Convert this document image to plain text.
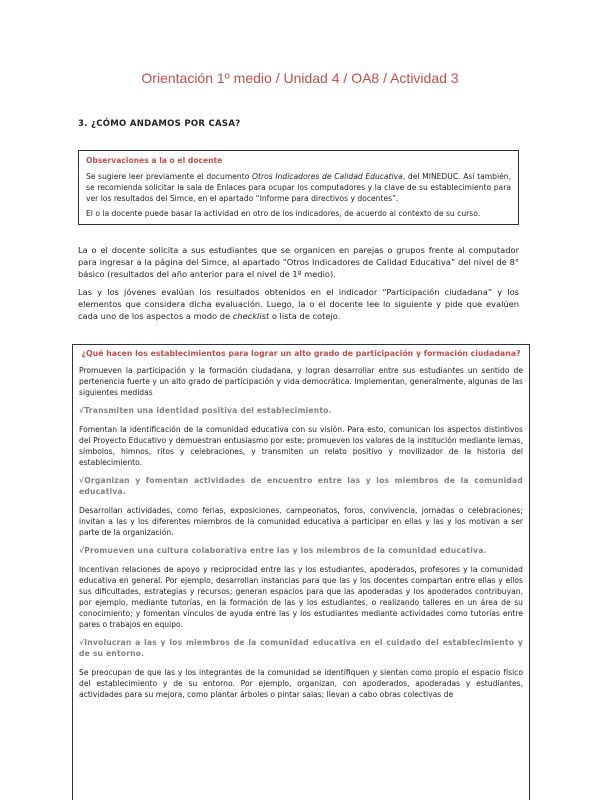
Orientación 1º medio / Unidad 4 / OA8 / Actividad 3
3. ¿CÓMO ANDAMOS POR CASA?
Observaciones a la o el docente

Se sugiere leer previamente el documento Otros Indicadores de Calidad Educativa, del MINEDUC. Así también, se recomienda solicitar la sala de Enlaces para ocupar los computadores y la clave de su establecimiento para ver los resultados del Simce, en el apartado “Informe para directivos y docentes”.

El o la docente puede basar la actividad en otro de los indicadores, de acuerdo al contexto de su curso.

La o el docente solicita a sus estudiantes que se organicen en parejas o grupos frente al computador para ingresar a la página del Simce, al apartado “Otros Indicadores de Calidad Educativa” del nivel de 8° básico (resultados del año anterior para el nivel de 1º medio).

Las y los jóvenes evalúan los resultados obtenidos en el indicador “Participación ciudadana” y los elementos que considera dicha evaluación. Luego, la o el docente lee lo siguiente y pide que evalúen cada uno de los aspectos a modo de checklist o lista de cotejo.

¿Qué hacen los establecimientos para lograr un alto grado de participación y formación ciudadana?

Promueven la participación y la formación ciudadana, y logran desarrollar entre sus estudiantes un sentido de pertenencia fuerte y un alto grado de participación y vida democrática. Implementan, generalmente, algunas de las siguientes medidas

√Transmiten una identidad positiva del establecimiento.

Fomentan la identificación de la comunidad educativa con su visión. Para esto, comunican los aspectos distintivos del Proyecto Educativo y demuestran entusiasmo por este; promueven los valores de la institución mediante lemas, símbolos, himnos, ritos y celebraciones, y transmiten un relato positivo y movilizador de la historia del establecimiento.

√Organizan y fomentan actividades de encuentro entre las y los miembros de la comunidad educativa.

Desarrollan actividades, como ferias, exposiciones, campeonatos, foros, convivencia, jornadas o celebraciones; invitan a las y los diferentes miembros de la comunidad educativa a participar en ellas y las y los motivan a ser parte de la organización.

√Promueven una cultura colaborativa entre las y los miembros de la comunidad educativa.

Incentivan relaciones de apoyo y reciprocidad entre las y los estudiantes, apoderados, profesores y la comunidad educativa en general. Por ejemplo, desarrollan instancias para que las y los docentes compartan entre ellas y ellos sus dificultades, estrategias y recursos; generan espacios para que las apoderadas y los apoderados contribuyan, por ejemplo, mediante tutorías, en la formación de las y los estudiantes, o realizando talleres en un área de su conocimiento; y fomentan vínculos de ayuda entre las y los estudiantes mediante actividades como tutorías entre pares o trabajos en equipo.

√Involucran a las y los miembros de la comunidad educativa en el cuidado del establecimiento y de su entorno.

Se preocupan de que las y los integrantes de la comunidad se identifiquen y sientan como propio el espacio físico del establecimiento y de su entorno. Por ejemplo, organizan, con apoderados, apoderadas y estudiantes, actividades para su mejora, como plantar árboles o pintar salas; llevan a cabo obras colectivas de
